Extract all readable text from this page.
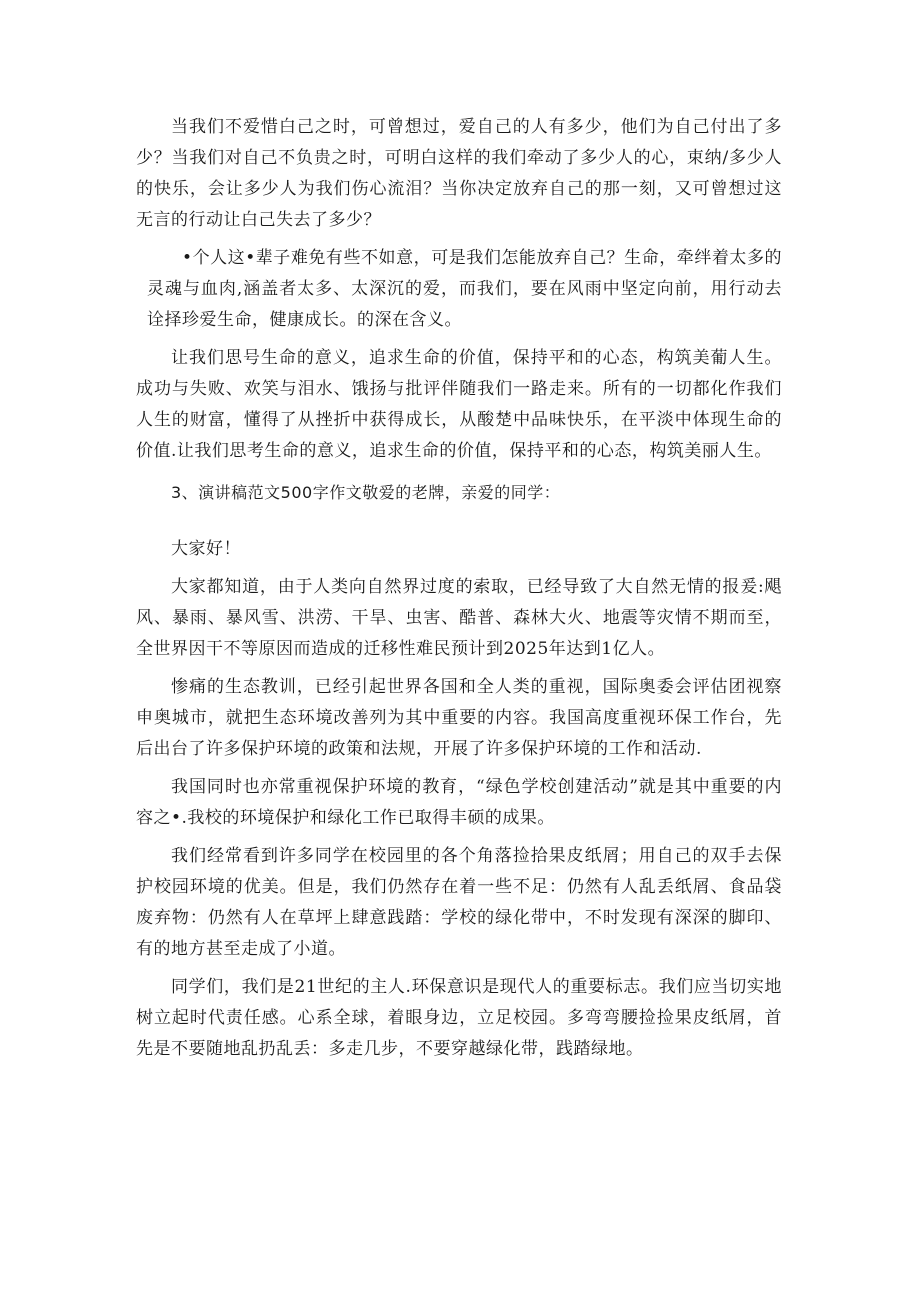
当我们不爱惜白己之时，可曾想过，爱自己的人有多少，他们为自己付出了多少？当我们对自己不负贵之时，可明白这样的我们牵动了多少人的心，束纳/多少人的快乐，会让多少人为我们伤心流泪？当你决定放弃自己的那一刻，又可曾想过这无言的行动让白己失去了多少？

•个人这•辈子难免有些不如意，可是我们怎能放弃自己？生命，牵绊着太多的灵魂与血肉,涵盖者太多、太深沉的爱，而我们，要在风雨中坚定向前，用行动去诠择珍爱生命，健康成长。的深在含义。

让我们思号生命的意义，追求生命的价值，保持平和的心态，构筑美葡人生。成功与失败、欢笑与泪水、饿扬与批评伴随我们一路走来。所有的一切都化作我们人生的财富，懂得了从挫折中获得成长，从酸楚中品味快乐，在平淡中体现生命的价值.让我们思考生命的意义，追求生命的价值，保持平和的心态，构筑美丽人生。

3、演讲稿范文500字作文敬爱的老牌，亲爱的同学：

大家好！

大家都知道，由于人类向自然界过度的索取，已经导致了大自然无情的报爰:飓风、暴雨、暴风雪、洪涝、干旱、虫害、酷普、森林大火、地震等灾情不期而至，全世界因干不等原因而造成的迁移性难民预计到2025年达到1亿人。

惨痛的生态教训，已经引起世界各国和全人类的重视，国际奥委会评估团视察申奥城市，就把生态环境改善列为其中重要的内容。我国高度重视环保工作台，先后出台了许多保护环境的政策和法规，开展了许多保护环境的工作和活动.

我国同时也亦常重视保护环境的教育，“绿色学校创建活动”就是其中重要的内容之•.我校的环境保护和绿化工作已取得丰硕的成果。

我们经常看到许多同学在校园里的各个角落捡拾果皮纸屑；用自己的双手去保护校园环境的优美。但是，我们仍然存在着一些不足：仍然有人乱丢纸屑、食品袋废弃物：仍然有人在草坪上肆意践踏：学校的绿化带中，不时发现有深深的脚印、有的地方甚至走成了小道。

同学们，我们是21世纪的主人.环保意识是现代人的重要标志。我们应当切实地树立起时代责任感。心系全球，着眼身边，立足校园。多弯弯腰捡捡果皮纸屑，首先是不要随地乱扔乱丢：多走几步，不要穿越绿化带，践踏绿地。
